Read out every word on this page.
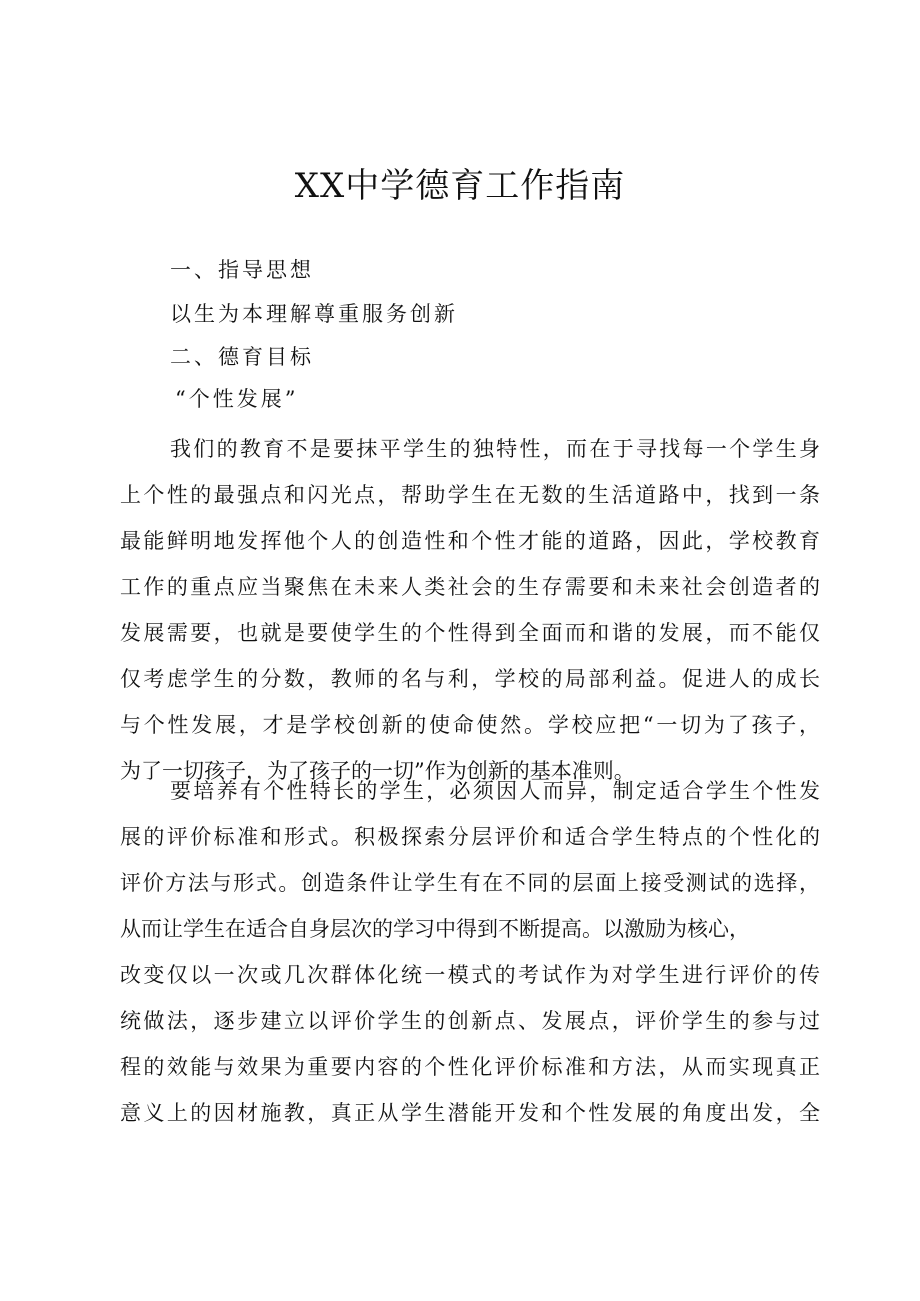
XX中学德育工作指南
一、指导思想
以生为本理解尊重服务创新
二、德育目标
“个性发展”
我们的教育不是要抹平学生的独特性，而在于寻找每一个学生身
上个性的最强点和闪光点，帮助学生在无数的生活道路中，找到一条
最能鲜明地发挥他个人的创造性和个性才能的道路，因此，学校教育
工作的重点应当聚焦在未来人类社会的生存需要和未来社会创造者的
发展需要，也就是要使学生的个性得到全面而和谐的发展，而不能仅
仅考虑学生的分数，教师的名与利，学校的局部利益。促进人的成长
与个性发展，才是学校创新的使命使然。学校应把“一切为了孩子，
为了一切孩子，为了孩子的一切”作为创新的基本准则。
要培养有个性特长的学生，必须因人而异，制定适合学生个性发
展的评价标准和形式。积极探索分层评价和适合学生特点的个性化的
评价方法与形式。创造条件让学生有在不同的层面上接受测试的选择，
从而让学生在适合自身层次的学习中得到不断提高。以激励为核心，
改变仅以一次或几次群体化统一模式的考试作为对学生进行评价的传
统做法，逐步建立以评价学生的创新点、发展点，评价学生的参与过
程的效能与效果为重要内容的个性化评价标准和方法，从而实现真正
意义上的因材施教，真正从学生潜能开发和个性发展的角度出发，全
